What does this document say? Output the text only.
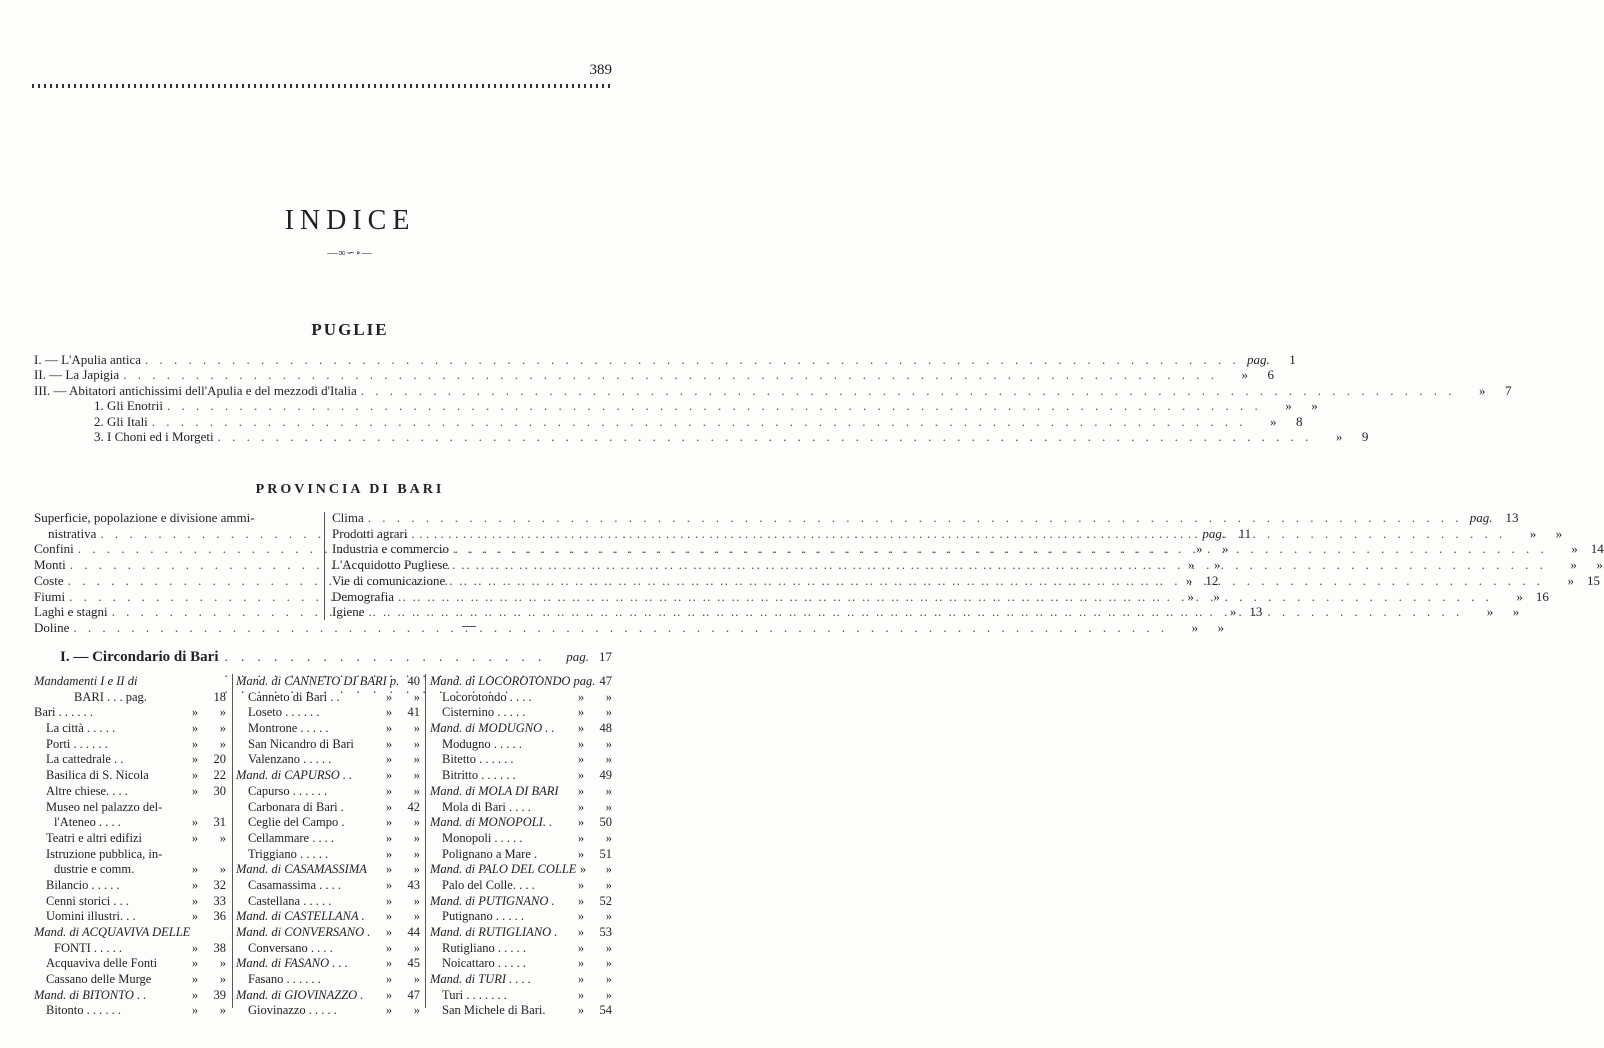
389
INDICE
—∞∽∘—
PUGLIE
PROVINCIA DI BARI
I. — Circondario di Bari . . .	pag. 17
Mandamenti I e II di
BARI . . . pag.	18
Bari . . . . . .	»	»
La città . . . . .	»	»
Porti . . . . . .	»	»
La cattedrale . .	»	20
Basilica di S. Nicola	»	22
Altre chiese. . . .	»	30
Museo nel palazzo del-
l'Ateneo . . . .	»	31
Teatri e altri edifizi	»	»
Istruzione pubblica, in-
dustrie e comm.	»	»
Bilancio . . . . .	»	32
Cenni storici . . .	»	33
Uomini illustri. . .	»	36
Mand. di ACQUAVIVA DELLE
FONTI . . . . .	»	38
Acquaviva delle Fonti	»	»
Cassano delle Murge	»	»
Mand. di BITONTO . .	»	39
Bitonto . . . . . .	»	»
Mand. di CANNETO DI BARI p. 40
Canneto di Bari . .	»	»
Loseto . . . . . .	»	41
Montrone . . . . .	»	»
San Nicandro di Bari	»	»
Valenzano . . . . .	»	»
Mand. di CAPURSO . .	»	»
Capurso . . . . . .	»	»
Carbonara di Bari .	»	42
Ceglie del Campo .	»	»
Cellammare . . . .	»	»
Triggiano . . . . .	»	»
Mand. di CASAMASSIMA	»	»
Casamassima . . . .	»	43
Castellana . . . . .	»	»
Mand. di CASTELLANA .	»	»
Mand. di CONVERSANO .	»	44
Conversano . . . .	»	»
Mand. di FASANO . . .	»	45
Fasano . . . . . .	»	»
Mand. di GIOVINAZZO .	»	47
Giovinazzo . . . . .	»	»
Mand. di LOCOROTONDO pag. 47
Locorotondo . . . .	»	»
Cisternino . . . . .	»	»
Mand. di MODUGNO . .	»	48
Modugno . . . . .	»	»
Bitetto . . . . . .	»	»
Bitritto . . . . . .	»	49
Mand. di MOLA DI BARI	»	»
Mola di Bari . . . .	»	»
Mand. di MONOPOLI. .	»	50
Monopoli . . . . .	»	»
Polignano a Mare .	»	51
Mand. di PALO DEL COLLE »	»
Palo del Colle. . . .	»	»
Mand. di PUTIGNANO .	»	52
Putignano . . . . .	»	»
Mand. di RUTIGLIANO .	»	53
Rutigliano . . . . .	»	»
Noicattaro . . . . .	»	»
Mand. di TURI . . . .	»	»
Turi . . . . . . .	»	»
San Michele di Bari.	»	54
I. — L'Apulia antica . . .	pag.	1
II. — La Japigia . . .	»	6
III. — Abitatori antichissimi dell'Apulia e del mezzodì d'Italia . . .	»	7
1. Gli Enotrii . . .	»	»
2. Gli Itali . . .	»	8
3. I Choni ed i Morgeti . . .	»	9
Superficie, popolazione e divisione ammi-
nistrativa . . .	pag.	11
Confini . . .	»	»
Monti . . .	»	»
Coste . . .	»	12
Fiumi . . .	»	»
Laghi e stagni . . .	»	13
Doline . . .	»	»
Clima . . .	pag.	13
Prodotti agrari . . .	»	»
Industria e commercio . . .	»	14
L'Acquidotto Pugliese . . .	»	»
Vie di comunicazione . . .	»	15
Demografia . . .	»	16
Igiene . . .	»	»
